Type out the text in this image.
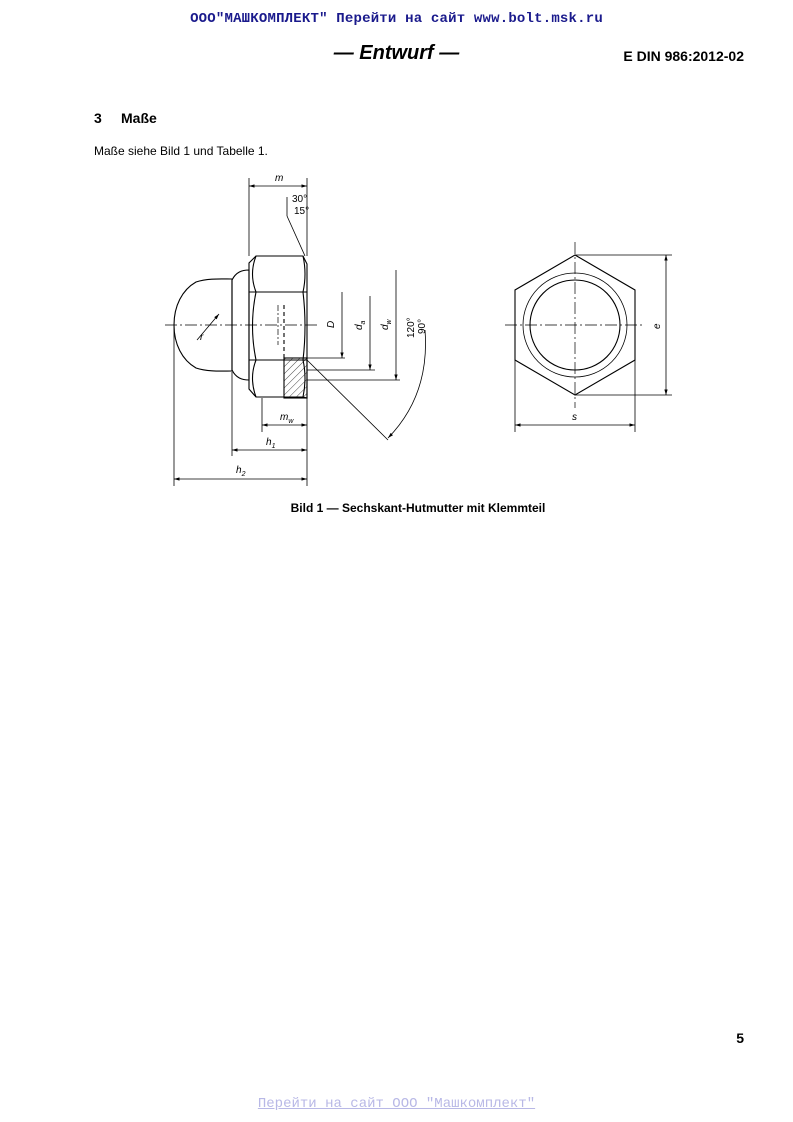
ООО"МАШКОМПЛЕКТ" Перейти на сайт www.bolt.msk.ru
— Entwurf —	E DIN 986:2012-02
3 Maße
Maße siehe Bild 1 und Tabelle 1.
m
30°
15°
r
D $d_a$
$d_w$ 120° 90°
$m_w$
$h_1$
$h_2$
e
s
Bild 1 — Sechskant-Hutmutter mit Klemmteil
5
Перейти на сайт ООО "Машкомплект"
